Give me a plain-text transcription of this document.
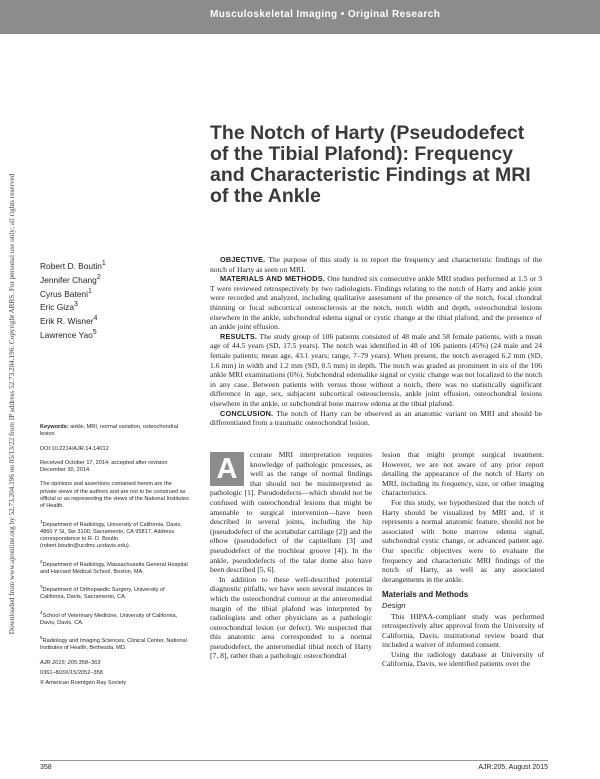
Musculoskeletal Imaging • Original Research
Downloaded from www.ajronline.org by 52.73.204.196 on 05/13/22 from IP address 52.73.204.196. Copyright ARRS. For personal use only; all rights reserved
The Notch of Harty (Pseudodefect of the Tibial Plafond): Frequency and Characteristic Findings at MRI of the Ankle
Robert D. Boutin$^1$
Jennifer Chang$^2$
Cyrus Bateni$^1$
Eric Giza$^3$
Erik R. Wisner$^4$
Lawrence Yao$^5$

OBJECTIVE. The purpose of this study is to report the frequency and characteristic findings of the notch of Harty as seen on MRI.

MATERIALS AND METHODS. One hundred six consecutive ankle MRI studies performed at 1.5 or 3 T were reviewed retrospectively by two radiologists. Findings relating to the notch of Harty and ankle joint were recorded and analyzed, including qualitative assessment of the presence of the notch, focal chondral thinning or focal subcortical osteosclerosis at the notch, notch width and depth, osteochondral lesions elsewhere in the ankle, subchondral edema signal or cystic change at the tibial plafond, and the presence of an ankle joint effusion.

RESULTS. The study group of 106 patients consisted of 48 male and 58 female patients, with a mean age of 44.5 years (SD, 17.5 years). The notch was identified in 48 of 106 patients (45%) (24 male and 24 female patients; mean age, 43.1 years; range, 7–79 years). When present, the notch averaged 6.2 mm (SD, 1.6 mm) in width and 1.2 mm (SD, 0.5 mm) in depth. The notch was graded as prominent in six of the 106 ankle MRI examinations (6%). Subchondral edemalike signal or cystic change was not localized to the notch in any case. Between patients with versus those without a notch, there was no statistically significant difference in age, sex, subjacent subcortical osteosclerosis, ankle joint effusion, osteochondral lesions elsewhere in the ankle, or subchondral bone marrow edema at the tibial plafond.

CONCLUSION. The notch of Harty can be observed as an anatomic variant on MRI and should be differentiated from a traumatic osteochondral lesion.

Keywords: ankle, MRI, normal variation, osteochondral lesion

DOI:10.2214/AJR.14.14012

Received October 17, 2014; accepted after revision December 30, 2014.

The opinions and assertions contained herein are the private views of the authors and are not to be construed as official or as representing the views of the National Institutes of Health.

$^1$Department of Radiology, University of California, Davis, 4860 Y St, Ste 3100, Sacramento, CA 95817. Address correspondence to R. D. Boutin (robert.boutin@ucdmc.ucdavis.edu).

$^2$Department of Radiology, Massachusetts General Hospital and Harvard Medical School, Boston, MA.

$^3$Department of Orthopaedic Surgery, University of California, Davis, Sacramento, CA.

$^4$School of Veterinary Medicine, University of California, Davis, Davis, CA.

$^5$Radiology and Imaging Sciences, Clinical Center, National Institutes of Health, Bethesda, MD.

AJR 2015; 205:358–363

0361–803X/15/2052–358

© American Roentgen Ray Society

A	ccurate MRI interpretation requires knowledge of pathologic processes, as well as the range of normal findings that should not be misinterpreted as pathologic [1]. Pseudodefects—which should not be confused with osteochondral lesions that might be amenable to surgical intervention—have been described in several joints, including the hip (pseudodefect of the acetabular cartilage [2]) and the elbow (pseudodefect of the capitellum [3] and pseudodefect of the trochlear groove [4]). In the ankle, pseudodefects of the talar dome also have been described [5, 6].

In addition to these well-described potential diagnostic pitfalls, we have seen several instances in which the osteochondral contour at the anteromedial margin of the tibial plafond was interpreted by radiologists and other physicians as a pathologic osteochondral lesion (or defect). We suspected that this anatomic area corresponded to a normal pseudodefect, the anteromedial tibial notch of Harty [7, 8], rather than a pathologic osteochondral

lesion that might prompt surgical treatment. However, we are not aware of any prior report detailing the appearance of the notch of Harty on MRI, including its frequency, size, or other imaging characteristics.

For this study, we hypothesized that the notch of Harty should be visualized by MRI and, if it represents a normal anatomic feature, should not be associated with bone marrow edema signal, subchondral cystic change, or advanced patient age. Our specific objectives were to evaluate the frequency and characteristic MRI findings of the notch of Harty, as well as any associated derangements in the ankle.

Materials and Methods
Design

This HIPAA-compliant study was performed retrospectively after approval from the University of California, Davis, institutional review board that included a waiver of informed consent.

Using the radiology database at University of California, Davis, we identified patients over the

358	AJR:205, August 2015
